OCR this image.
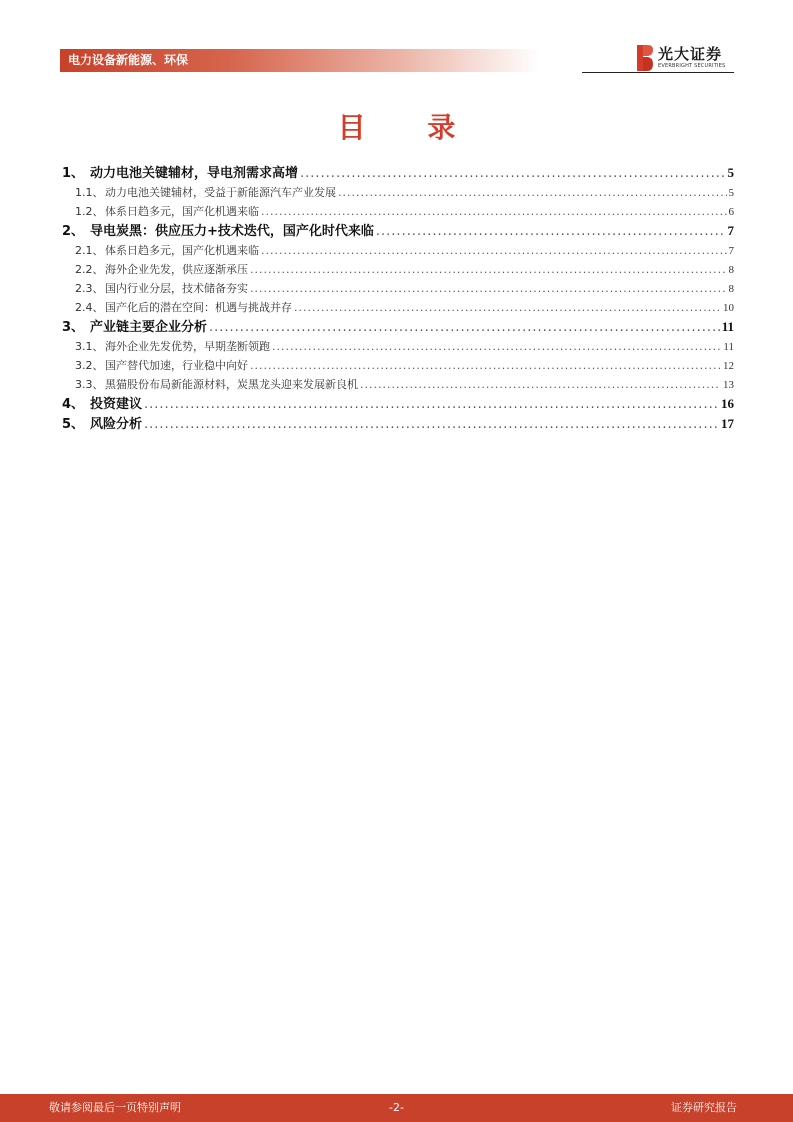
电力设备新能源、环保	光大证券
EVERBRIGHT SECURITIES
目 录
1、 动力电池关键辅材，导电剂需求高增 .....	5
1.1、 动力电池关键辅材，受益于新能源汽车产业发展 .....	5
1.2、 体系日趋多元，国产化机遇来临 .....	6
2、 导电炭黑：供应压力+技术迭代，国产化时代来临 .....	7
2.1、 体系日趋多元，国产化机遇来临 .....	7
2.2、 海外企业先发，供应逐渐承压 .....	8
2.3、 国内行业分层，技术储备夯实 .....	8
2.4、 国产化后的潜在空间：机遇与挑战并存 .....	10
3、 产业链主要企业分析 .....	11
3.1、 海外企业先发优势，早期垄断领跑 .....	11
3.2、 国产替代加速，行业稳中向好 .....	12
3.3、 黑猫股份布局新能源材料，炭黑龙头迎来发展新良机 .....	13
4、 投资建议 .....	16
5、 风险分析 .....	17
敬请参阅最后一页特别声明	-2-	证券研究报告
